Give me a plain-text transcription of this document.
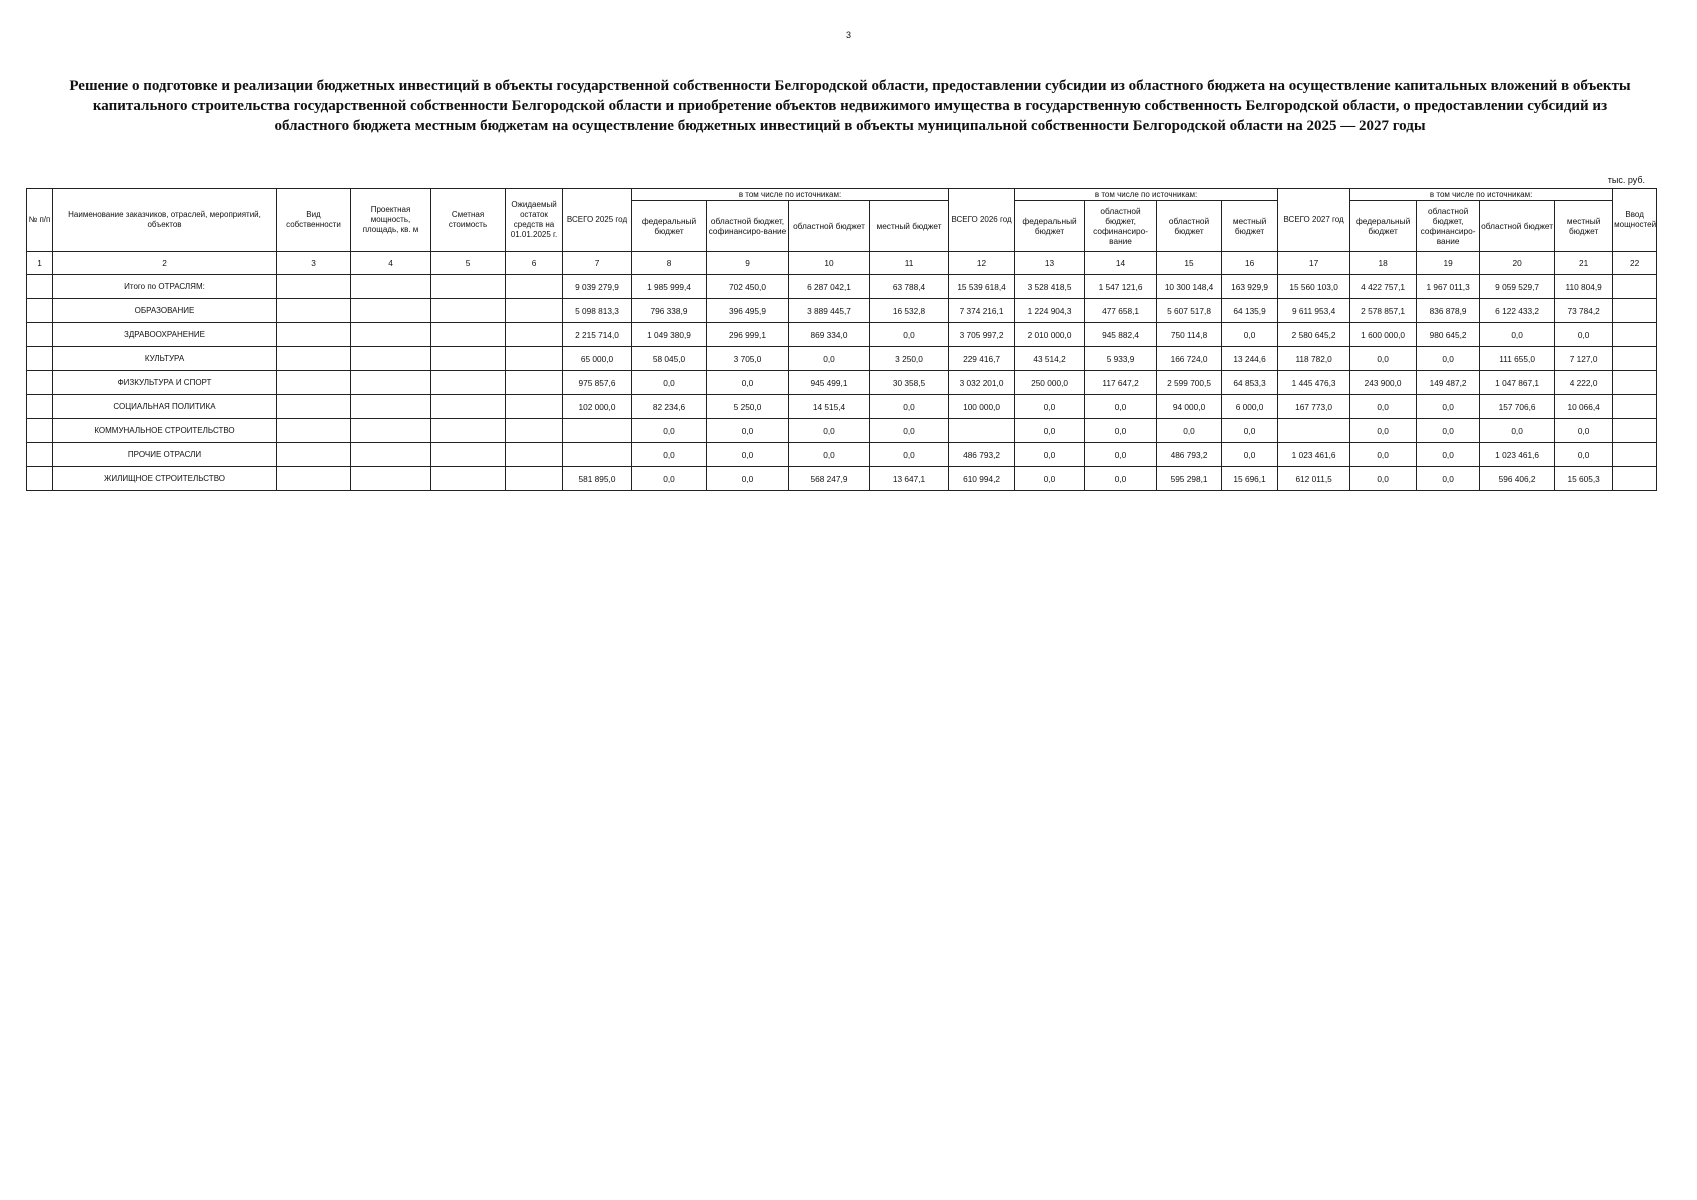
3
Решение о подготовке и реализации бюджетных инвестиций в объекты государственной собственности Белгородской области, предоставлении субсидии из областного бюджета на осуществление капитальных вложений в объекты капитального строительства государственной собственности Белгородской области и приобретение объектов недвижимого имущества в государственную собственность Белгородской области, о предоставлении субсидий из областного бюджета местным бюджетам на осуществление бюджетных инвестиций в объекты муниципальной собственности Белгородской области на 2025 — 2027 годы
тыс. руб.
№ п/п	Наименование заказчиков, отраслей, мероприятий, объектов	Вид собственности	Проектная мощность, площадь, кв. м	Сметная стоимость	Ожидаемый остаток средств на 01.01.2025 г.	ВСЕГО 2025 год	в том числе по источникам:				ВСЕГО 2026 год	в том числе по источникам:				ВСЕГО 2027 год	в том числе по источникам:				Ввод мощностей
							федеральный бюджет	областной бюджет, софинансиро-вание	областной бюджет	местный бюджет		федеральный бюджет	областной бюджет, софинансиро-вание	областной бюджет	местный бюджет		федеральный бюджет	областной бюджет, софинансиро-вание	областной бюджет	местный бюджет	
1	2	3	4	5	6	7	8	9	10	11	12	13	14	15	16	17	18	19	20	21	22
	Итого по ОТРАСЛЯМ:					9 039 279,9	1 985 999,4	702 450,0	6 287 042,1	63 788,4	15 539 618,4	3 528 418,5	1 547 121,6	10 300 148,4	163 929,9	15 560 103,0	4 422 757,1	1 967 011,3	9 059 529,7	110 804,9	
	ОБРАЗОВАНИЕ					5 098 813,3	796 338,9	396 495,9	3 889 445,7	16 532,8	7 374 216,1	1 224 904,3	477 658,1	5 607 517,8	64 135,9	9 611 953,4	2 578 857,1	836 878,9	6 122 433,2	73 784,2	
	ЗДРАВООХРАНЕНИЕ					2 215 714,0	1 049 380,9	296 999,1	869 334,0	0,0	3 705 997,2	2 010 000,0	945 882,4	750 114,8	0,0	2 580 645,2	1 600 000,0	980 645,2	0,0	0,0	
	КУЛЬТУРА					65 000,0	58 045,0	3 705,0	0,0	3 250,0	229 416,7	43 514,2	5 933,9	166 724,0	13 244,6	118 782,0	0,0	0,0	111 655,0	7 127,0	
	ФИЗКУЛЬТУРА И СПОРТ					975 857,6	0,0	0,0	945 499,1	30 358,5	3 032 201,0	250 000,0	117 647,2	2 599 700,5	64 853,3	1 445 476,3	243 900,0	149 487,2	1 047 867,1	4 222,0	
	СОЦИАЛЬНАЯ ПОЛИТИКА					102 000,0	82 234,6	5 250,0	14 515,4	0,0	100 000,0	0,0	0,0	94 000,0	6 000,0	167 773,0	0,0	0,0	157 706,6	10 066,4	
	КОММУНАЛЬНОЕ СТРОИТЕЛЬСТВО						0,0	0,0	0,0	0,0		0,0	0,0	0,0	0,0		0,0	0,0	0,0	0,0	
	ПРОЧИЕ ОТРАСЛИ						0,0	0,0	0,0	0,0	486 793,2	0,0	0,0	486 793,2	0,0	1 023 461,6	0,0	0,0	1 023 461,6	0,0	
	ЖИЛИЩНОЕ СТРОИТЕЛЬСТВО					581 895,0	0,0	0,0	568 247,9	13 647,1	610 994,2	0,0	0,0	595 298,1	15 696,1	612 011,5	0,0	0,0	596 406,2	15 605,3	
